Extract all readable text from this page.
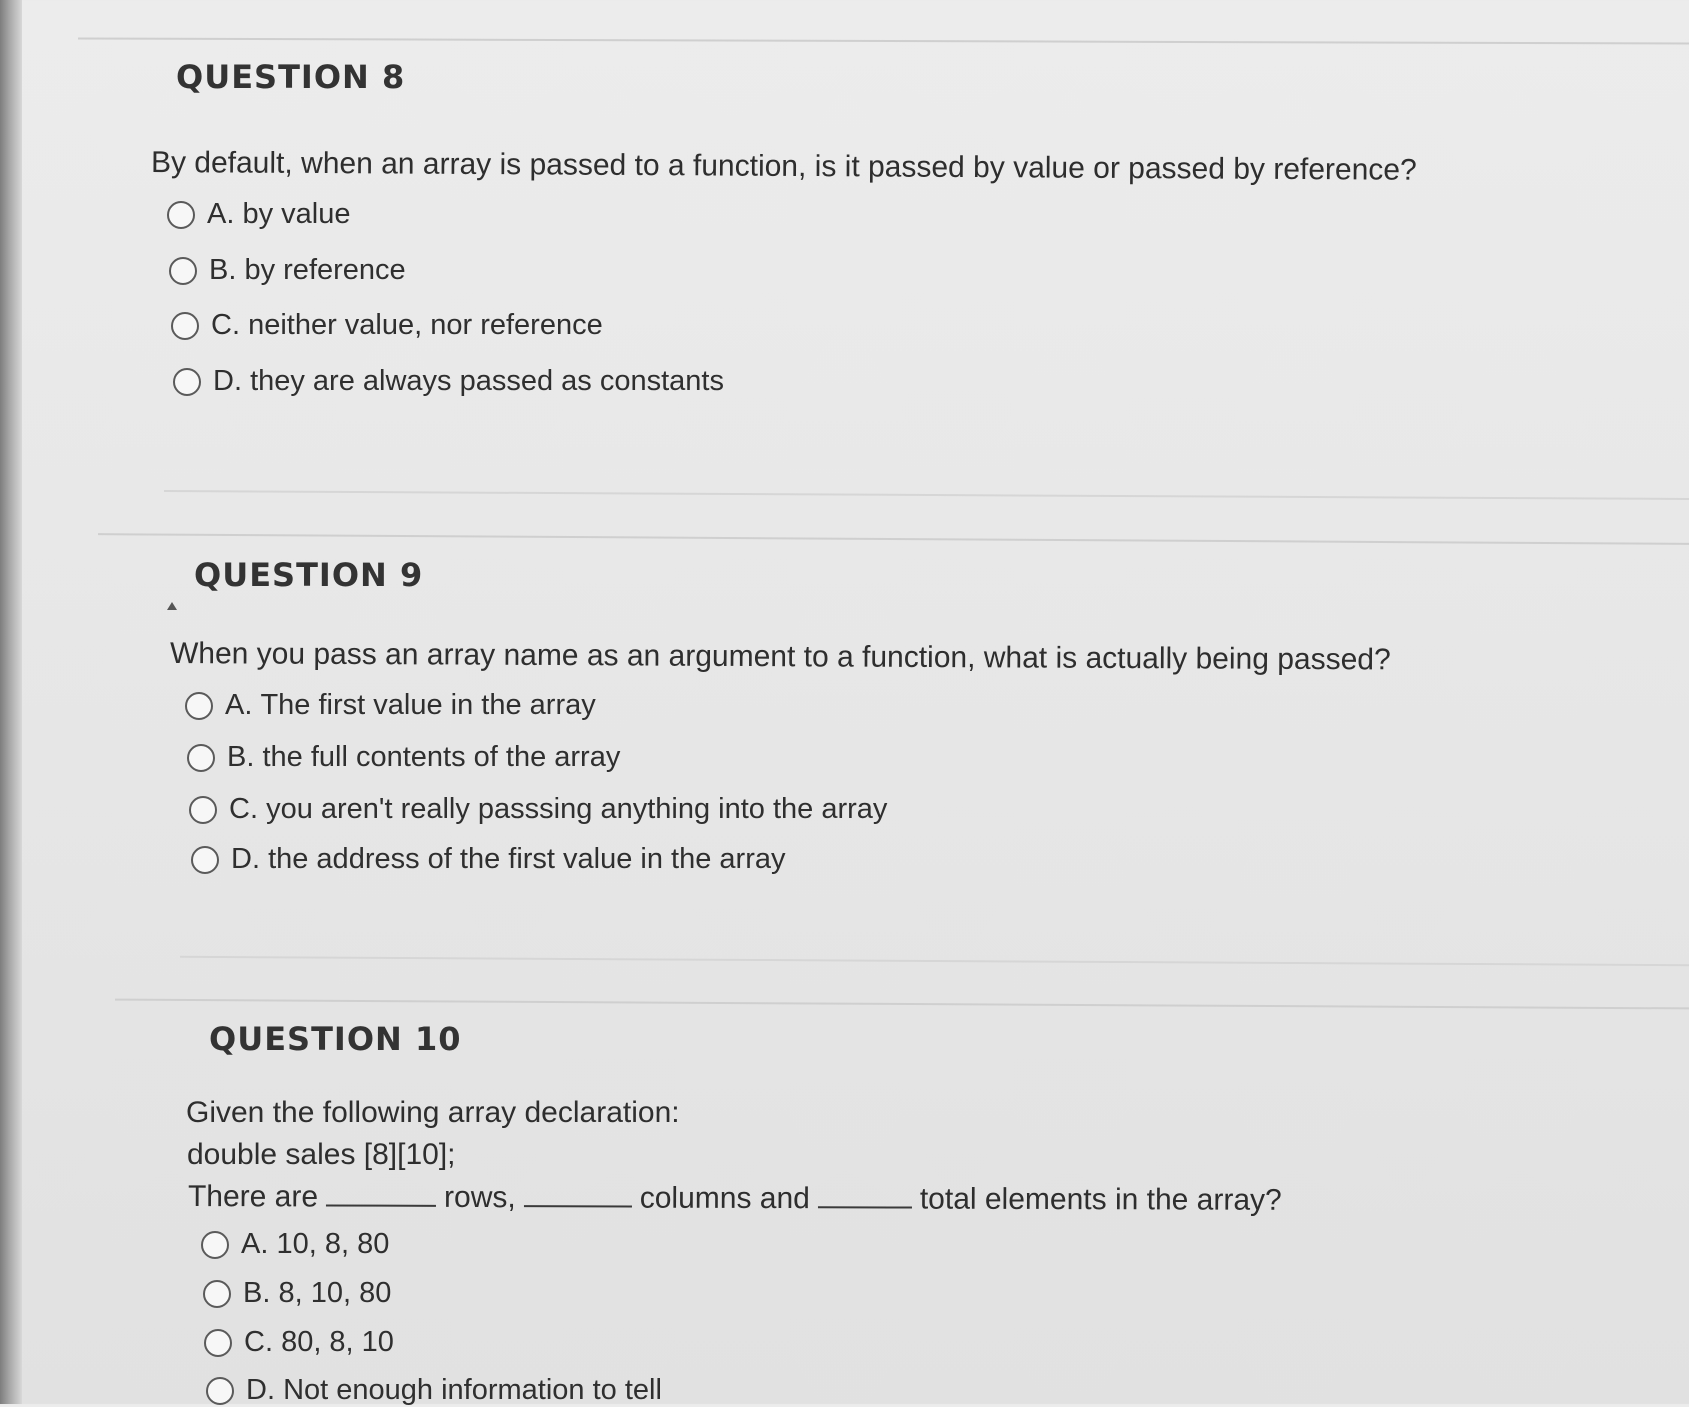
QUESTION 8

By default, when an array is passed to a function, is it passed by value or passed by reference?

A.
by value
B.
by reference
C.
neither value, nor reference
D.
they are always passed as constants
QUESTION 9

When you pass an array name as an argument to a function, what is actually being passed?

A.
The first value in the array
B.
the full contents of the array
C.
you aren't really passsing anything into the array
D.
the address of the first value in the array
QUESTION 10

Given the following array declaration:

double sales [8][10];

There are	rows,	columns and	total elements in the array?

A.
10, 8, 80
B.
8, 10, 80
C.
80, 8, 10
D.
Not enough information to tell
